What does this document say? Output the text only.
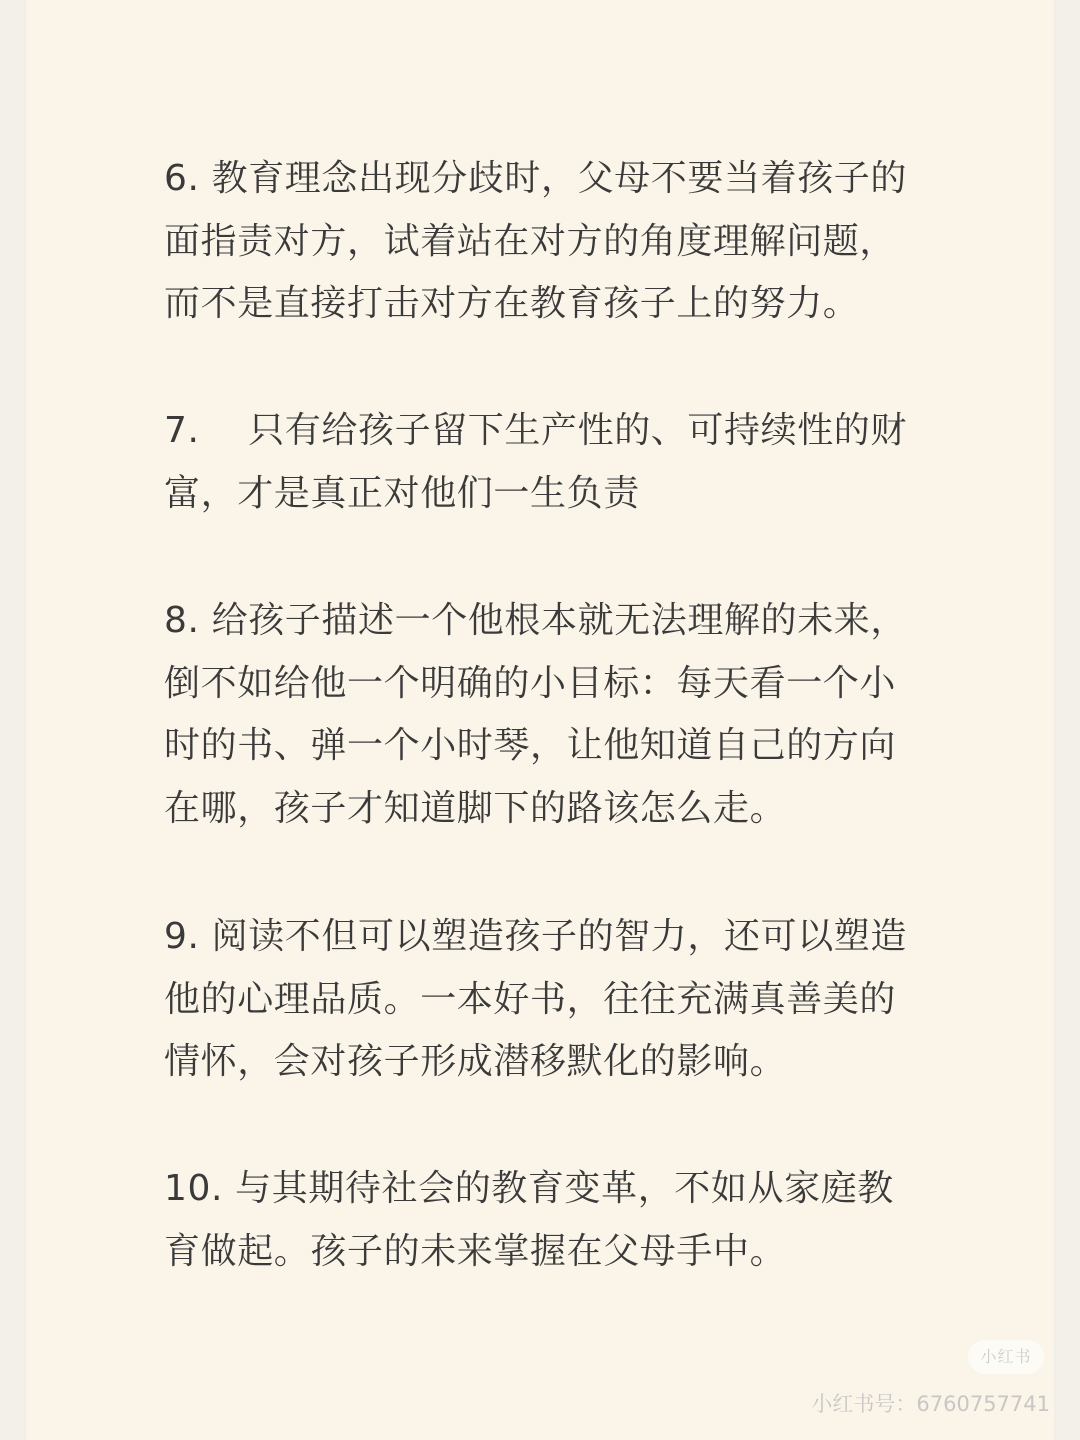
6. 教育理念出现分歧时，父母不要当着孩子的面指责对方，试着站在对方的角度理解问题，而不是直接打击对方在教育孩子上的努力。

7.　 只有给孩子留下生产性的、可持续性的财富，才是真正对他们一生负责

8. 给孩子描述一个他根本就无法理解的未来，倒不如给他一个明确的小目标：每天看一个小时的书、弹一个小时琴，让他知道自己的方向在哪，孩子才知道脚下的路该怎么走。

9. 阅读不但可以塑造孩子的智力，还可以塑造他的心理品质。一本好书，往往充满真善美的情怀，会对孩子形成潜移默化的影响。

10. 与其期待社会的教育变革，不如从家庭教育做起。孩子的未来掌握在父母手中。

小红书
小红书号：6760757741
